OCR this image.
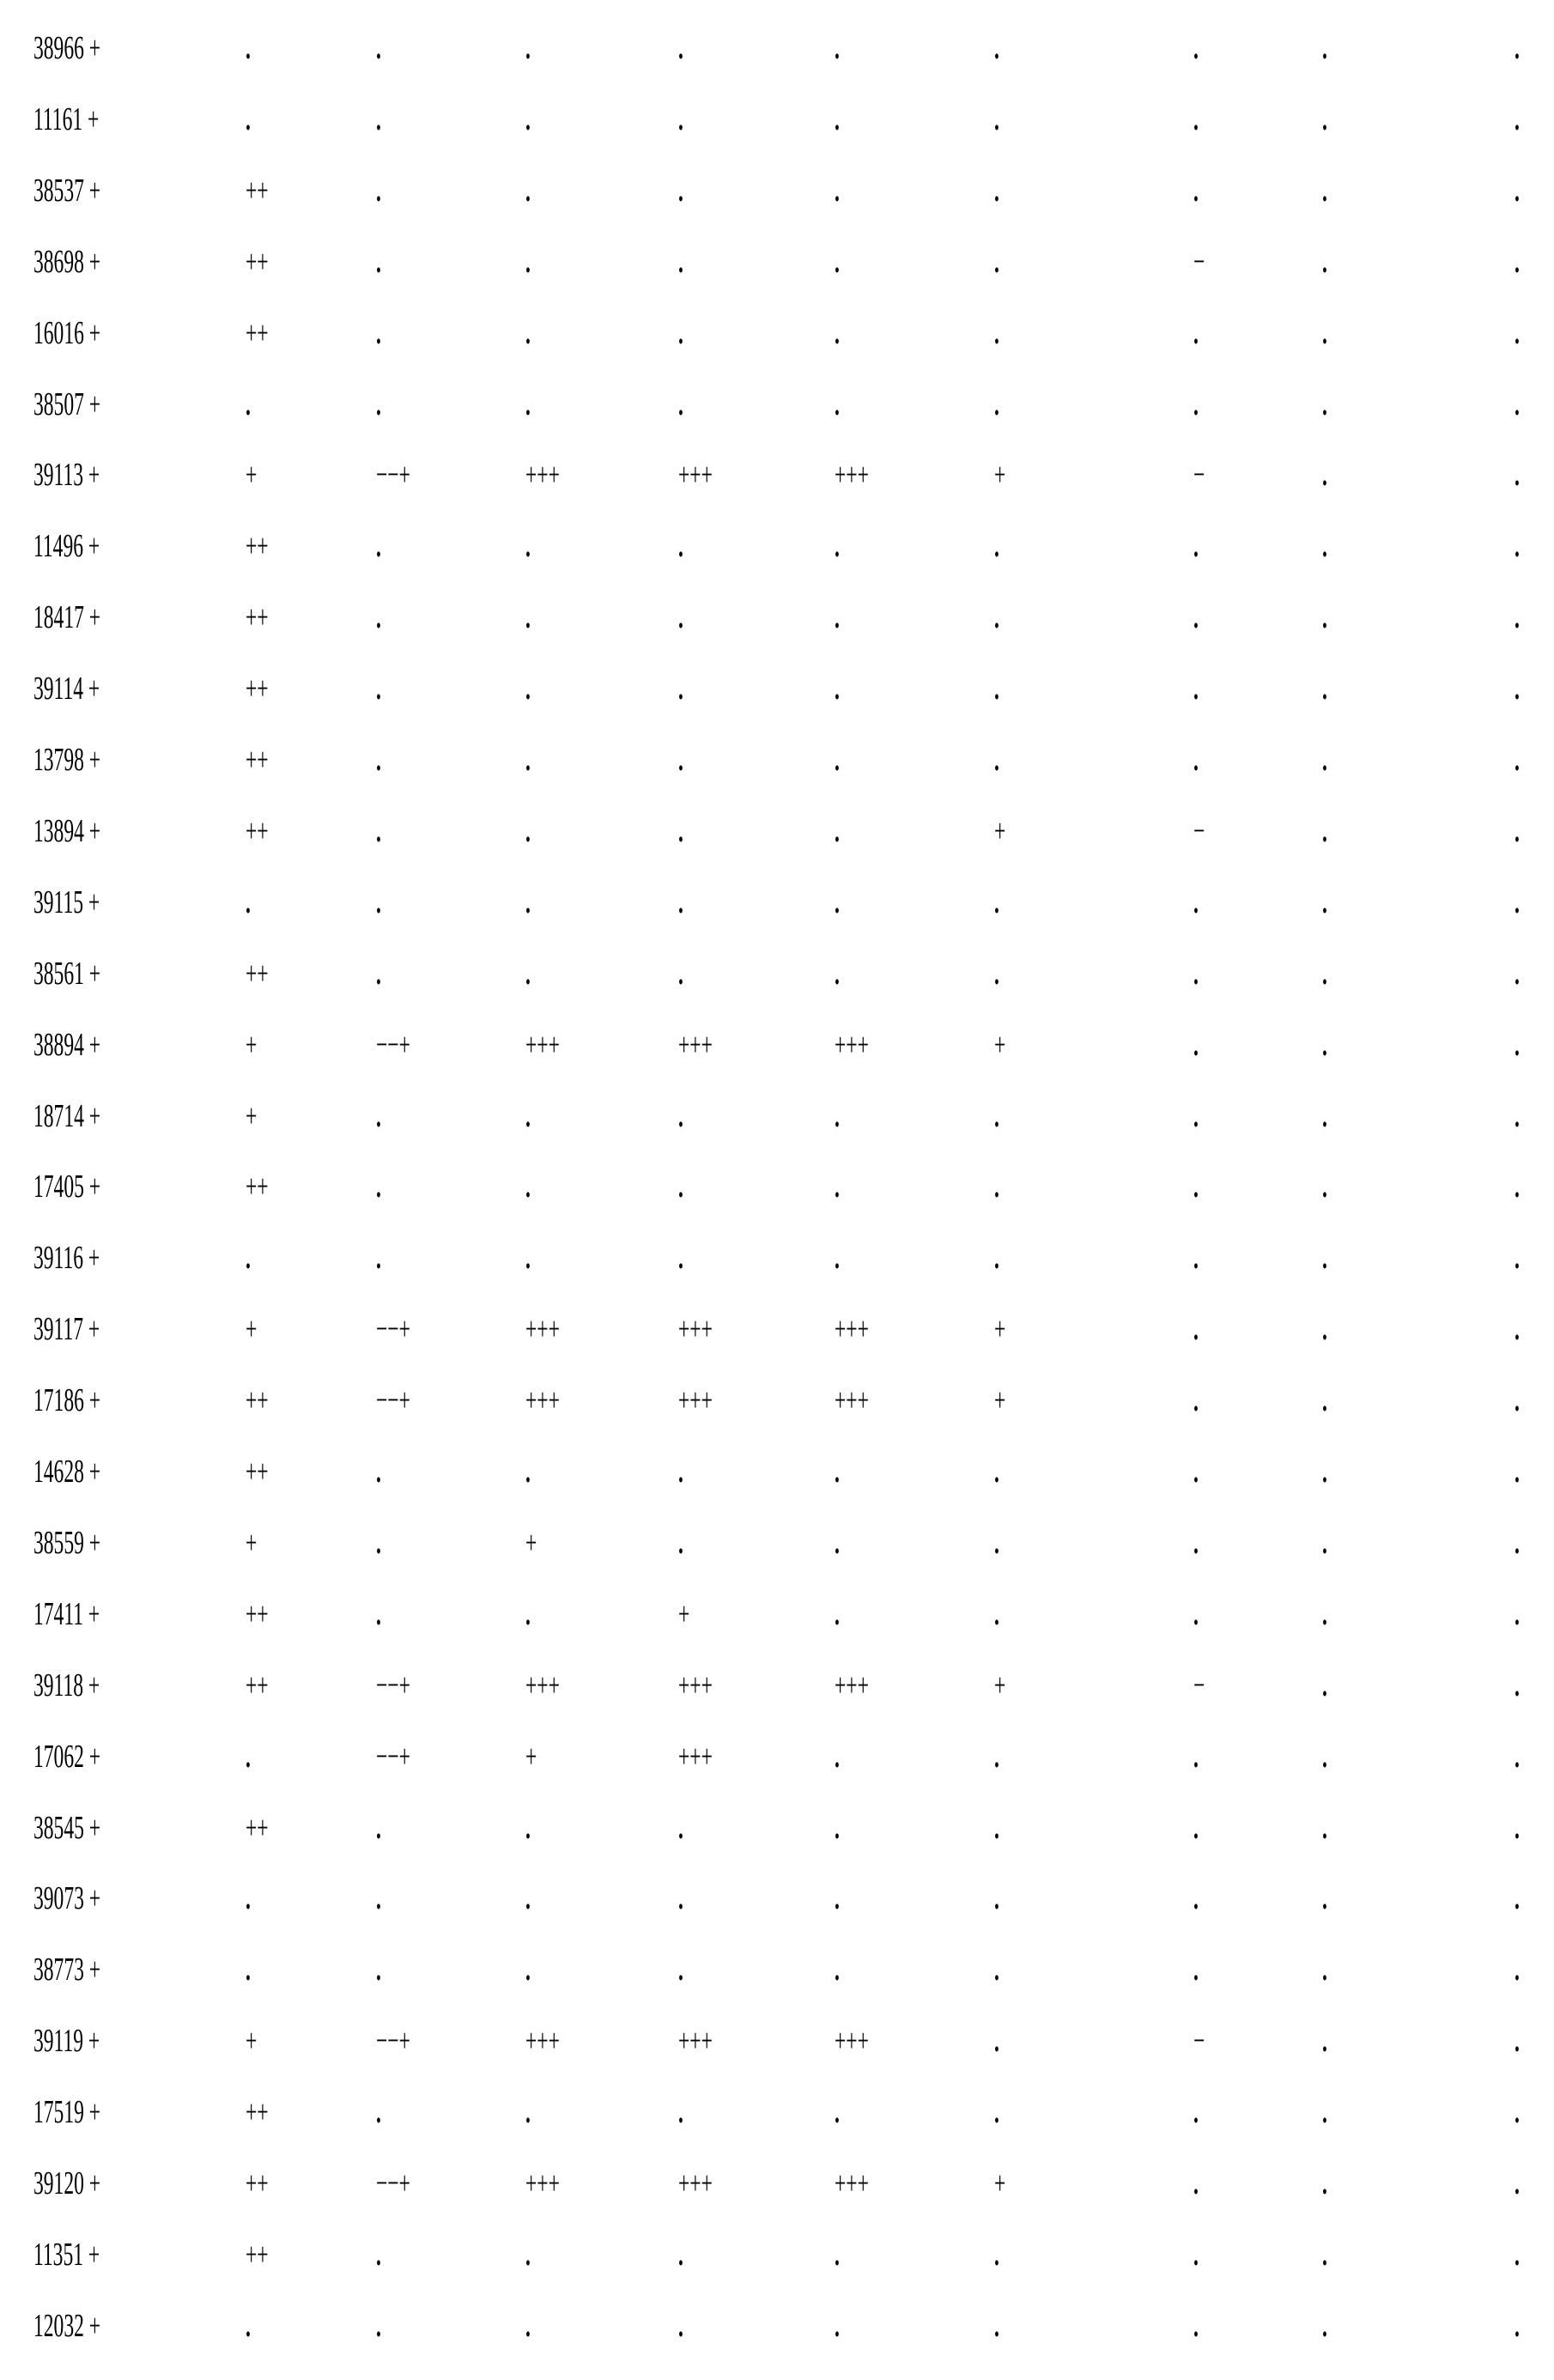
38966 +	.	.	.	.	.	.	.	.	.
11161 +	.	.	.	.	.	.	.	.	.
38537 +	++	.	.	.	.	.	.	.	.
38698 +	++	.	.	.	.	.	−	.	.
16016 +	++	.	.	.	.	.	.	.	.
38507 +	.	.	.	.	.	.	.	.	.
39113 +	+	−−+	+++	+++	+++	+	−	.	.
11496 +	++	.	.	.	.	.	.	.	.
18417 +	++	.	.	.	.	.	.	.	.
39114 +	++	.	.	.	.	.	.	.	.
13798 +	++	.	.	.	.	.	.	.	.
13894 +	++	.	.	.	.	+	−	.	.
39115 +	.	.	.	.	.	.	.	.	.
38561 +	++	.	.	.	.	.	.	.	.
38894 +	+	−−+	+++	+++	+++	+	.	.	.
18714 +	+	.	.	.	.	.	.	.	.
17405 +	++	.	.	.	.	.	.	.	.
39116 +	.	.	.	.	.	.	.	.	.
39117 +	+	−−+	+++	+++	+++	+	.	.	.
17186 +	++	−−+	+++	+++	+++	+	.	.	.
14628 +	++	.	.	.	.	.	.	.	.
38559 +	+	.	+	.	.	.	.	.	.
17411 +	++	.	.	+	.	.	.	.	.
39118 +	++	−−+	+++	+++	+++	+	−	.	.
17062 +	.	−−+	+	+++	.	.	.	.	.
38545 +	++	.	.	.	.	.	.	.	.
39073 +	.	.	.	.	.	.	.	.	.
38773 +	.	.	.	.	.	.	.	.	.
39119 +	+	−−+	+++	+++	+++	.	−	.	.
17519 +	++	.	.	.	.	.	.	.	.
39120 +	++	−−+	+++	+++	+++	+	.	.	.
11351 +	++	.	.	.	.	.	.	.	.
12032 +	.	.	.	.	.	.	.	.	.
